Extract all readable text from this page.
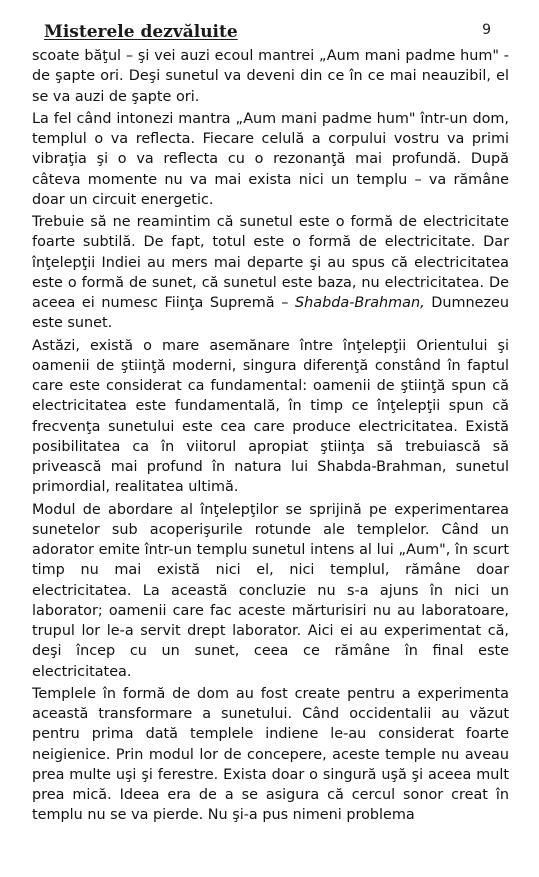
Misterele dezvăluite	9

scoate băţul – şi vei auzi ecoul mantrei „Aum mani padme hum" - de şapte ori. Deşi sunetul va deveni din ce în ce mai neauzibil, el se va auzi de şapte ori.

La fel când intonezi mantra „Aum mani padme hum" într-un dom, templul o va reflecta. Fiecare celulă a corpului vostru va primi vibraţia şi o va reflecta cu o rezonanţă mai profundă. După câteva momente nu va mai exista nici un templu – va rămâne doar un circuit energetic.

Trebuie să ne reamintim că sunetul este o formă de electricitate foarte subtilă. De fapt, totul este o formă de electricitate. Dar înţelepţii Indiei au mers mai departe şi au spus că electricitatea este o formă de sunet, că sunetul este baza, nu electricitatea. De aceea ei numesc Fiinţa Supremă – Shabda-Brahman, Dumnezeu este sunet.

Astăzi, există o mare asemănare între înţelepţii Orientului şi oamenii de ştiinţă moderni, singura diferenţă constând în faptul care este considerat ca fundamental: oamenii de ştiinţă spun că electricitatea este fundamentală, în timp ce înţelepţii spun că frecvenţa sunetului este cea care produce electricitatea. Există posibilitatea ca în viitorul apropiat ştiinţa să trebuiască să privească mai profund în natura lui Shabda-Brahman, sunetul primordial, realitatea ultimă.

Modul de abordare al înţelepţilor se sprijină pe experimentarea sunetelor sub acoperişurile rotunde ale templelor. Când un adorator emite într-un templu sunetul intens al lui „Aum", în scurt timp nu mai există nici el, nici templul, rămâne doar electricitatea. La această concluzie nu s-a ajuns în nici un laborator; oamenii care fac aceste mărturisiri nu au laboratoare, trupul lor le-a servit drept laborator. Aici ei au experimentat că, deşi încep cu un sunet, ceea ce rămâne în final este electricitatea.

Templele în formă de dom au fost create pentru a experimenta această transformare a sunetului. Când occidentalii au văzut pentru prima dată templele indiene le-au considerat foarte neigienice. Prin modul lor de concepere, aceste temple nu aveau prea multe uşi şi ferestre. Exista doar o singură uşă şi aceea mult prea mică. Ideea era de a se asigura că cercul sonor creat în templu nu se va pierde. Nu şi-a pus nimeni problema
